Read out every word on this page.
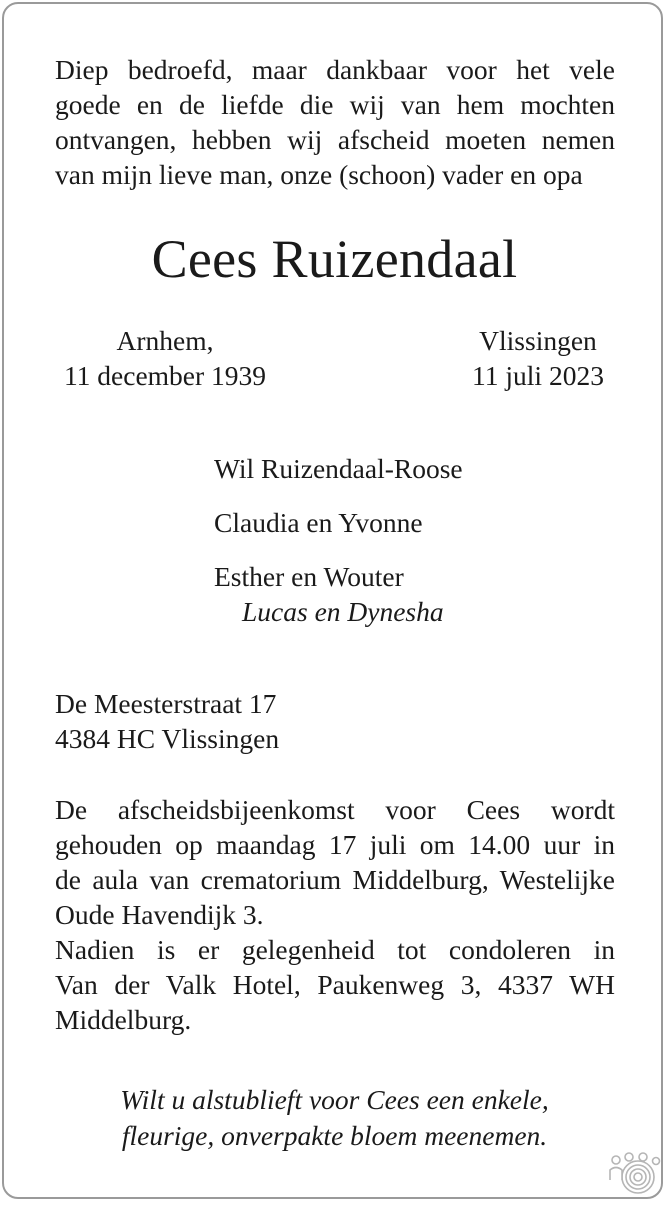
Diep bedroefd, maar dankbaar voor het vele
goede en de liefde die wij van hem mochten
ontvangen, hebben wij afscheid moeten nemen
van mijn lieve man, onze (schoon) vader en opa
Cees Ruizendaal
Arnhem,
11 december 1939
Vlissingen
11 juli 2023
Wil Ruizendaal-Roose
Claudia en Yvonne
Esther en Wouter
Lucas en Dynesha
De Meesterstraat 17
4384 HC Vlissingen
De afscheidsbijeenkomst voor Cees wordt
gehouden op maandag 17 juli om 14.00 uur in
de aula van crematorium Middelburg, Westelijke
Oude Havendijk 3.
Nadien is er gelegenheid tot condoleren in
Van der Valk Hotel, Paukenweg 3, 4337 WH
Middelburg.
Wilt u alstublieft voor Cees een enkele,
fleurige, onverpakte bloem meenemen.
